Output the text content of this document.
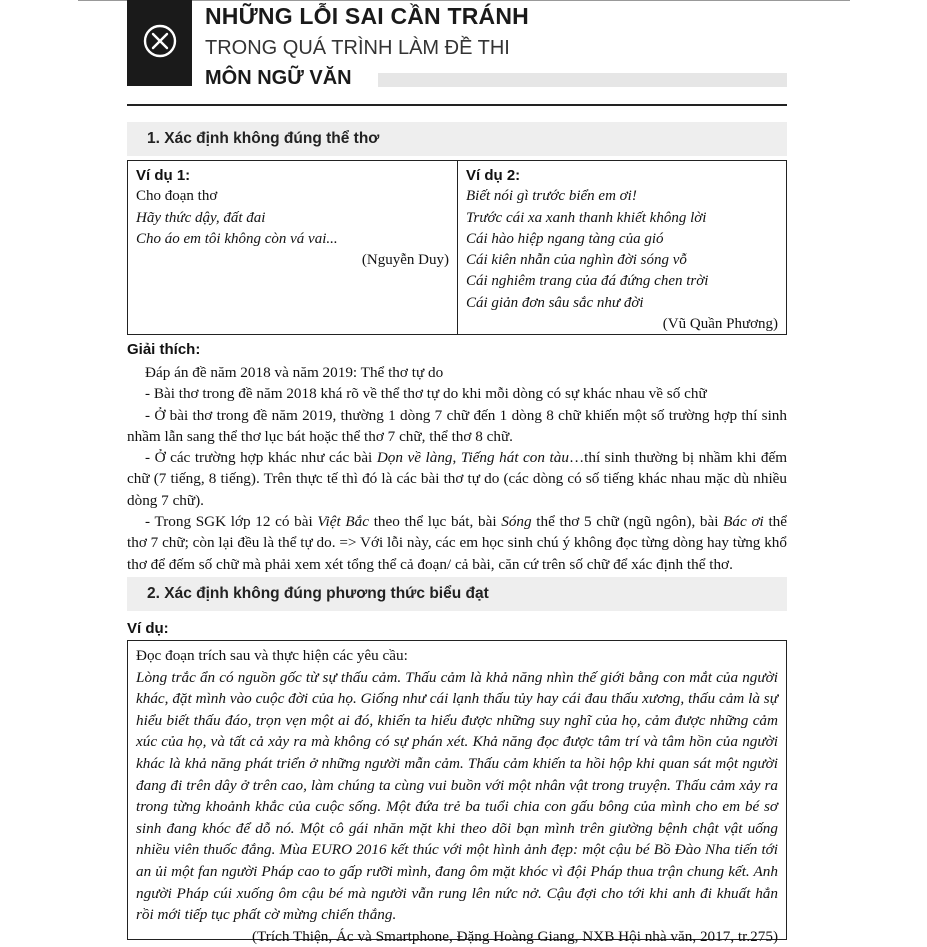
NHỮNG LỖI SAI CẦN TRÁNH
TRONG QUÁ TRÌNH LÀM ĐỀ THI
MÔN NGỮ VĂN
1. Xác định không đúng thể thơ
Ví dụ 1:
Cho đoạn thơ
Hãy thức dậy, đất đai
Cho áo em tôi không còn vá vai...
(Nguyễn Duy)
Ví dụ 2:
Biết nói gì trước biển em ơi!
Trước cái xa xanh thanh khiết không lời
Cái hào hiệp ngang tàng của gió
Cái kiên nhẫn của nghìn đời sóng vỗ
Cái nghiêm trang của đá đứng chen trời
Cái giản đơn sâu sắc như đời
(Vũ Quần Phương)
Giải thích:

Đáp án đề năm 2018 và năm 2019: Thể thơ tự do

- Bài thơ trong đề năm 2018 khá rõ về thể thơ tự do khi mỗi dòng có sự khác nhau về số chữ

- Ở bài thơ trong đề năm 2019, thường 1 dòng 7 chữ đến 1 dòng 8 chữ khiến một số trường hợp thí sinh nhầm lẫn sang thể thơ lục bát hoặc thể thơ 7 chữ, thể thơ 8 chữ.

- Ở các trường hợp khác như các bài Dọn về làng, Tiếng hát con tàu…thí sinh thường bị nhầm khi đếm chữ (7 tiếng, 8 tiếng). Trên thực tế thì đó là các bài thơ tự do (các dòng có số tiếng khác nhau mặc dù nhiều dòng 7 chữ).

- Trong SGK lớp 12 có bài Việt Bắc theo thể lục bát, bài Sóng thể thơ 5 chữ (ngũ ngôn), bài Bác ơi thể thơ 7 chữ; còn lại đều là thể tự do. => Với lỗi này, các em học sinh chú ý không đọc từng dòng hay từng khổ thơ để đếm số chữ mà phải xem xét tổng thể cả đoạn/ cả bài, căn cứ trên số chữ để xác định thể thơ.

2. Xác định không đúng phương thức biểu đạt
Ví dụ:

Đọc đoạn trích sau và thực hiện các yêu cầu:

Lòng trắc ẩn có nguồn gốc từ sự thấu cảm. Thấu cảm là khả năng nhìn thế giới bằng con mắt của người khác, đặt mình vào cuộc đời của họ. Giống như cái lạnh thấu tủy hay cái đau thấu xương, thấu cảm là sự hiểu biết thấu đáo, trọn vẹn một ai đó, khiến ta hiểu được những suy nghĩ của họ, cảm được những cảm xúc của họ, và tất cả xảy ra mà không có sự phán xét. Khả năng đọc được tâm trí và tâm hồn của người khác là khả năng phát triển ở những người mẫn cảm. Thấu cảm khiến ta hồi hộp khi quan sát một người đang đi trên dây ở trên cao, làm chúng ta cùng vui buồn với một nhân vật trong truyện. Thấu cảm xảy ra trong từng khoảnh khắc của cuộc sống. Một đứa trẻ ba tuổi chia con gấu bông của mình cho em bé sơ sinh đang khóc để dỗ nó. Một cô gái nhăn mặt khi theo dõi bạn mình trên giường bệnh chật vật uống nhiều viên thuốc đắng. Mùa EURO 2016 kết thúc với một hình ảnh đẹp: một cậu bé Bồ Đào Nha tiến tới an ủi một fan người Pháp cao to gấp rưỡi mình, đang ôm mặt khóc vì đội Pháp thua trận chung kết. Anh người Pháp cúi xuống ôm cậu bé mà người vẫn rung lên nức nở. Cậu đợi cho tới khi anh đi khuất hẳn rồi mới tiếp tục phất cờ mừng chiến thắng.

(Trích Thiện, Ác và Smartphone, Đặng Hoàng Giang, NXB Hội nhà văn, 2017, tr.275)
